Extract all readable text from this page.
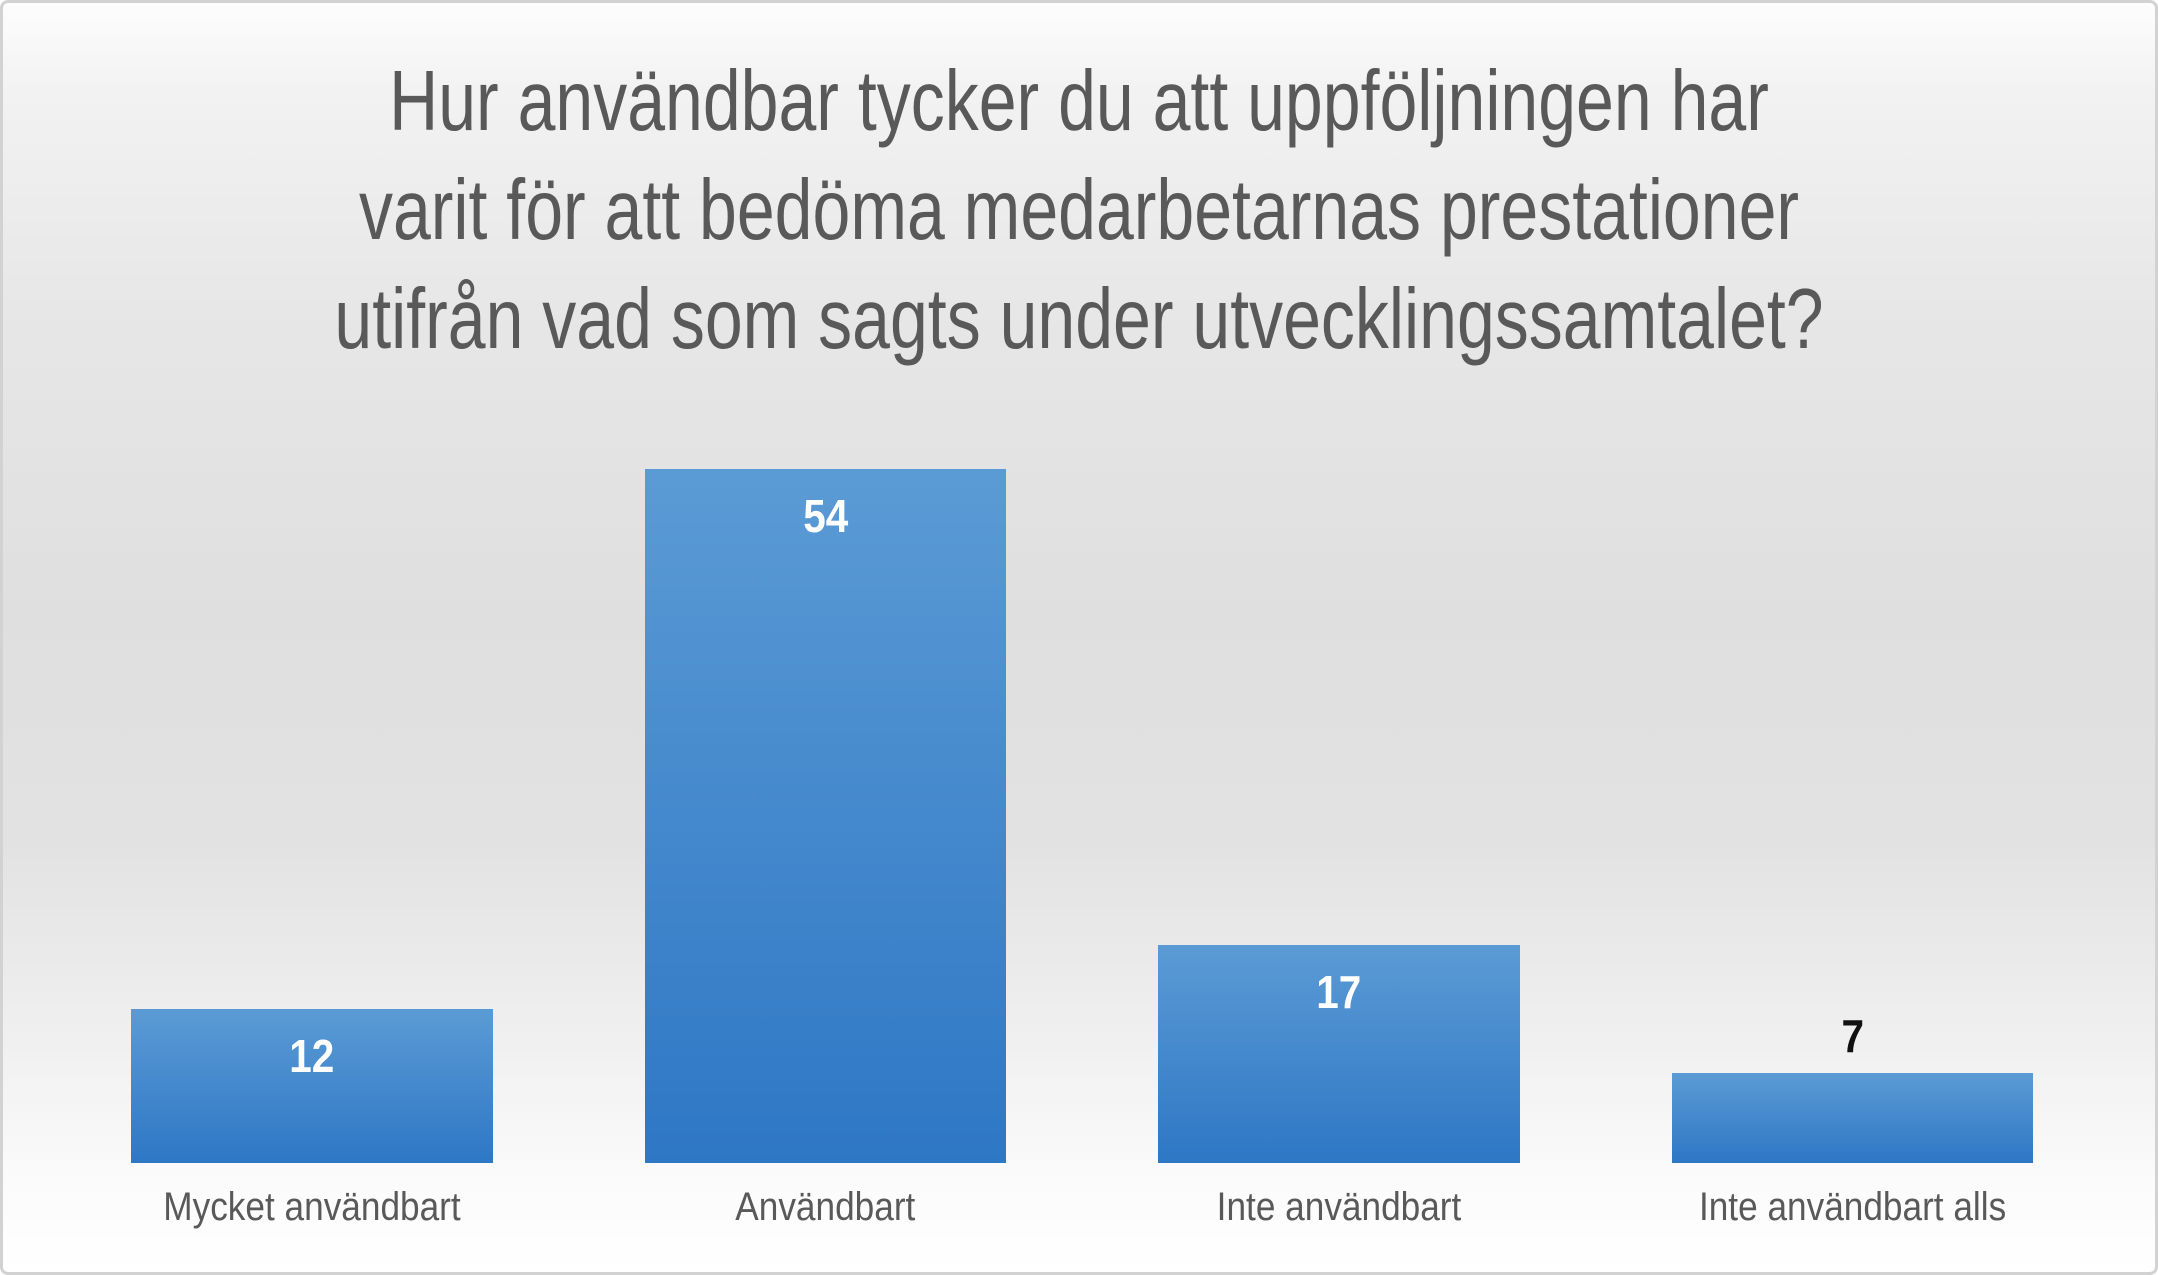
Hur användbar tycker du att uppföljningen har
varit för att bedöma medarbetarnas prestationer
utifrån vad som sagts under utvecklingssamtalet?
12
54
17
7
Mycket användbart	Användbart	Inte användbart	Inte användbart alls
